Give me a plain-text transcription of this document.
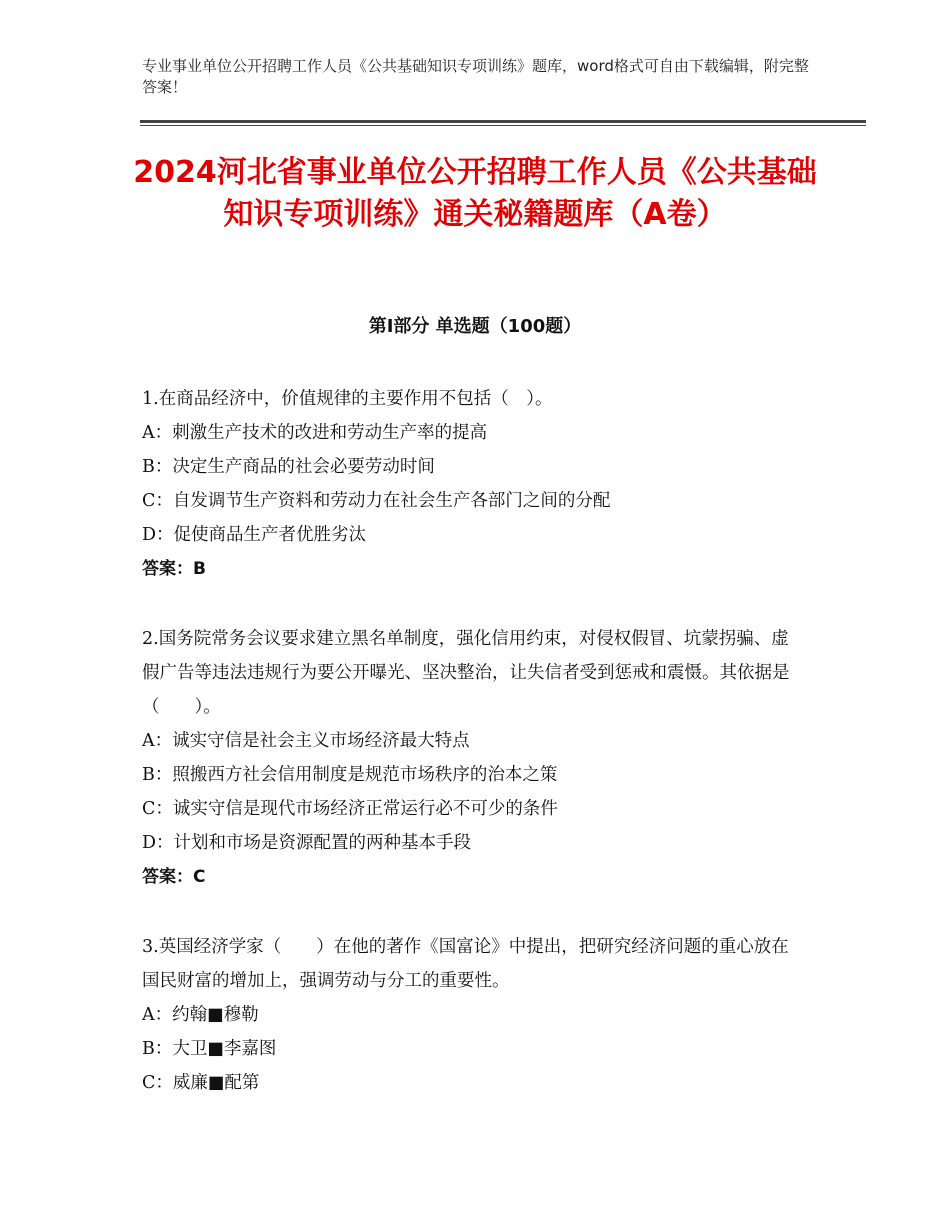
专业事业单位公开招聘工作人员《公共基础知识专项训练》题库，word格式可自由下载编辑，附完整答案！
2024河北省事业单位公开招聘工作人员《公共基础知识专项训练》通关秘籍题库（A卷）
第Ⅰ部分 单选题（100题）
1.在商品经济中，价值规律的主要作用不包括（　）。
A：刺激生产技术的改进和劳动生产率的提高
B：决定生产商品的社会必要劳动时间
C：自发调节生产资料和劳动力在社会生产各部门之间的分配
D：促使商品生产者优胜劣汰
答案：B
2.国务院常务会议要求建立黑名单制度，强化信用约束，对侵权假冒、坑蒙拐骗、虚假广告等违法违规行为要公开曝光、坚决整治，让失信者受到惩戒和震慑。其依据是（　　）。
A：诚实守信是社会主义市场经济最大特点
B：照搬西方社会信用制度是规范市场秩序的治本之策
C：诚实守信是现代市场经济正常运行必不可少的条件
D：计划和市场是资源配置的两种基本手段
答案：C
3.英国经济学家（　　）在他的著作《国富论》中提出，把研究经济问题的重心放在国民财富的增加上，强调劳动与分工的重要性。
A：约翰■穆勒
B：大卫■李嘉图
C：威廉■配第
